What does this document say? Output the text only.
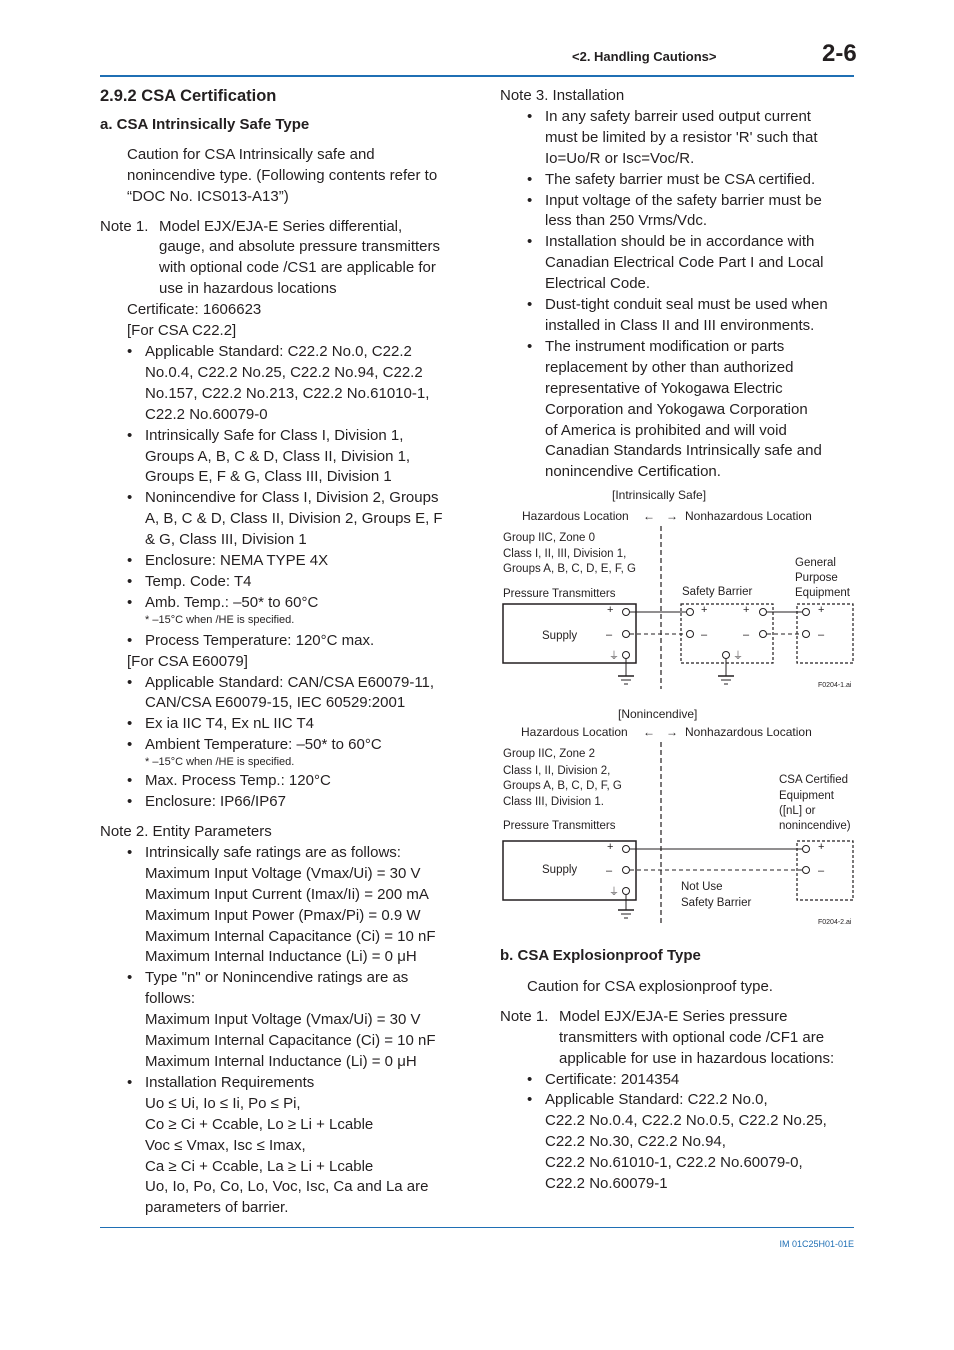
<2. Handling Cautions>	2-6
2.9.2 CSA Certification
a. CSA Intrinsically Safe Type
Caution for CSA Intrinsically safe and
nonincendive type. (Following contents refer to
“DOC No. ICS013-A13”)
Note 1. Model EJX/EJA-E Series differential,
gauge, and absolute pressure transmitters
with optional code /CS1 are applicable for
use in hazardous locations
Certificate: 1606623
[For CSA C22.2]
• Applicable Standard: C22.2 No.0, C22.2
No.0.4, C22.2 No.25, C22.2 No.94, C22.2
No.157, C22.2 No.213, C22.2 No.61010-1,
C22.2 No.60079-0
• Intrinsically Safe for Class I, Division 1,
Groups A, B, C & D, Class II, Division 1,
Groups E, F & G, Class III, Division 1
• Nonincendive for Class I, Division 2, Groups
A, B, C & D, Class II, Division 2, Groups E, F
& G, Class III, Division 1
• Enclosure: NEMA TYPE 4X
• Temp. Code: T4
• Amb. Temp.: –50* to 60°C
* –15°C when /HE is specified.
• Process Temperature: 120°C max.
[For CSA E60079]
• Applicable Standard: CAN/CSA E60079-11,
CAN/CSA E60079-15, IEC 60529:2001
• Ex ia IIC T4, Ex nL IIC T4
• Ambient Temperature: –50* to 60°C
* –15°C when /HE is specified.
• Max. Process Temp.: 120°C
• Enclosure: IP66/IP67
Note 2. Entity Parameters
• Intrinsically safe ratings are as follows:
Maximum Input Voltage (Vmax/Ui) = 30 V
Maximum Input Current (Imax/Ii) = 200 mA
Maximum Input Power (Pmax/Pi) = 0.9 W
Maximum Internal Capacitance (Ci) = 10 nF
Maximum Internal Inductance (Li) = 0 μH
• Type "n" or Nonincendive ratings are as
follows:
Maximum Input Voltage (Vmax/Ui) = 30 V
Maximum Internal Capacitance (Ci) = 10 nF
Maximum Internal Inductance (Li) = 0 μH
• Installation Requirements
Uo ≤ Ui, Io ≤ Ii, Po ≤ Pi,
Co ≥ Ci + Ccable, Lo ≥ Li + Lcable
Voc ≤ Vmax, Isc ≤ Imax,
Ca ≥ Ci + Ccable, La ≥ Li + Lcable
Uo, Io, Po, Co, Lo, Voc, Isc, Ca and La are
parameters of barrier.
Note 3. Installation
• In any safety barreir used output current
must be limited by a resistor 'R' such that
Io=Uo/R or Isc=Voc/R.
• The safety barrier must be CSA certified.
• Input voltage of the safety barrier must be
less than 250 Vrms/Vdc.
• Installation should be in accordance with
Canadian Electrical Code Part I and Local
Electrical Code.
• Dust-tight conduit seal must be used when
installed in Class II and III environments.
• The instrument modification or parts
replacement by other than authorized
representative of Yokogawa Electric
Corporation and Yokogawa Corporation
of America is prohibited and will void
Canadian Standards Intrinsically safe and
nonincendive Certification.
[Intrinsically Safe]
Hazardous Location ← → Nonhazardous Location
Group IIC, Zone 0
Class I, II, III, Division 1,
Groups A, B, C, D, E, F, G
Pressure Transmitters	Safety Barrier
General
Purpose
Equipment
Supply
+
–
⏚
+
–
+
–
⏚
+
–
F0204-1.ai
[Nonincendive]
Hazardous Location ← → Nonhazardous Location
Group IIC, Zone 2
Class I, II, Division 2,
Groups A, B, C, D, F, G
Class III, Division 1.
Pressure Transmitters
CSA Certified
Equipment
([nL] or
nonincendive)
Supply
Not Use
Safety Barrier
+
–
⏚
+
–
F0204-2.ai
b. CSA Explosionproof Type
Caution for CSA explosionproof type.
Note 1. Model EJX/EJA-E Series pressure
transmitters with optional code /CF1 are
applicable for use in hazardous locations:
• Certificate: 2014354
• Applicable Standard: C22.2 No.0,
C22.2 No.0.4, C22.2 No.0.5, C22.2 No.25,
C22.2 No.30, C22.2 No.94,
C22.2 No.61010-1, C22.2 No.60079-0,
C22.2 No.60079-1
IM 01C25H01-01E
